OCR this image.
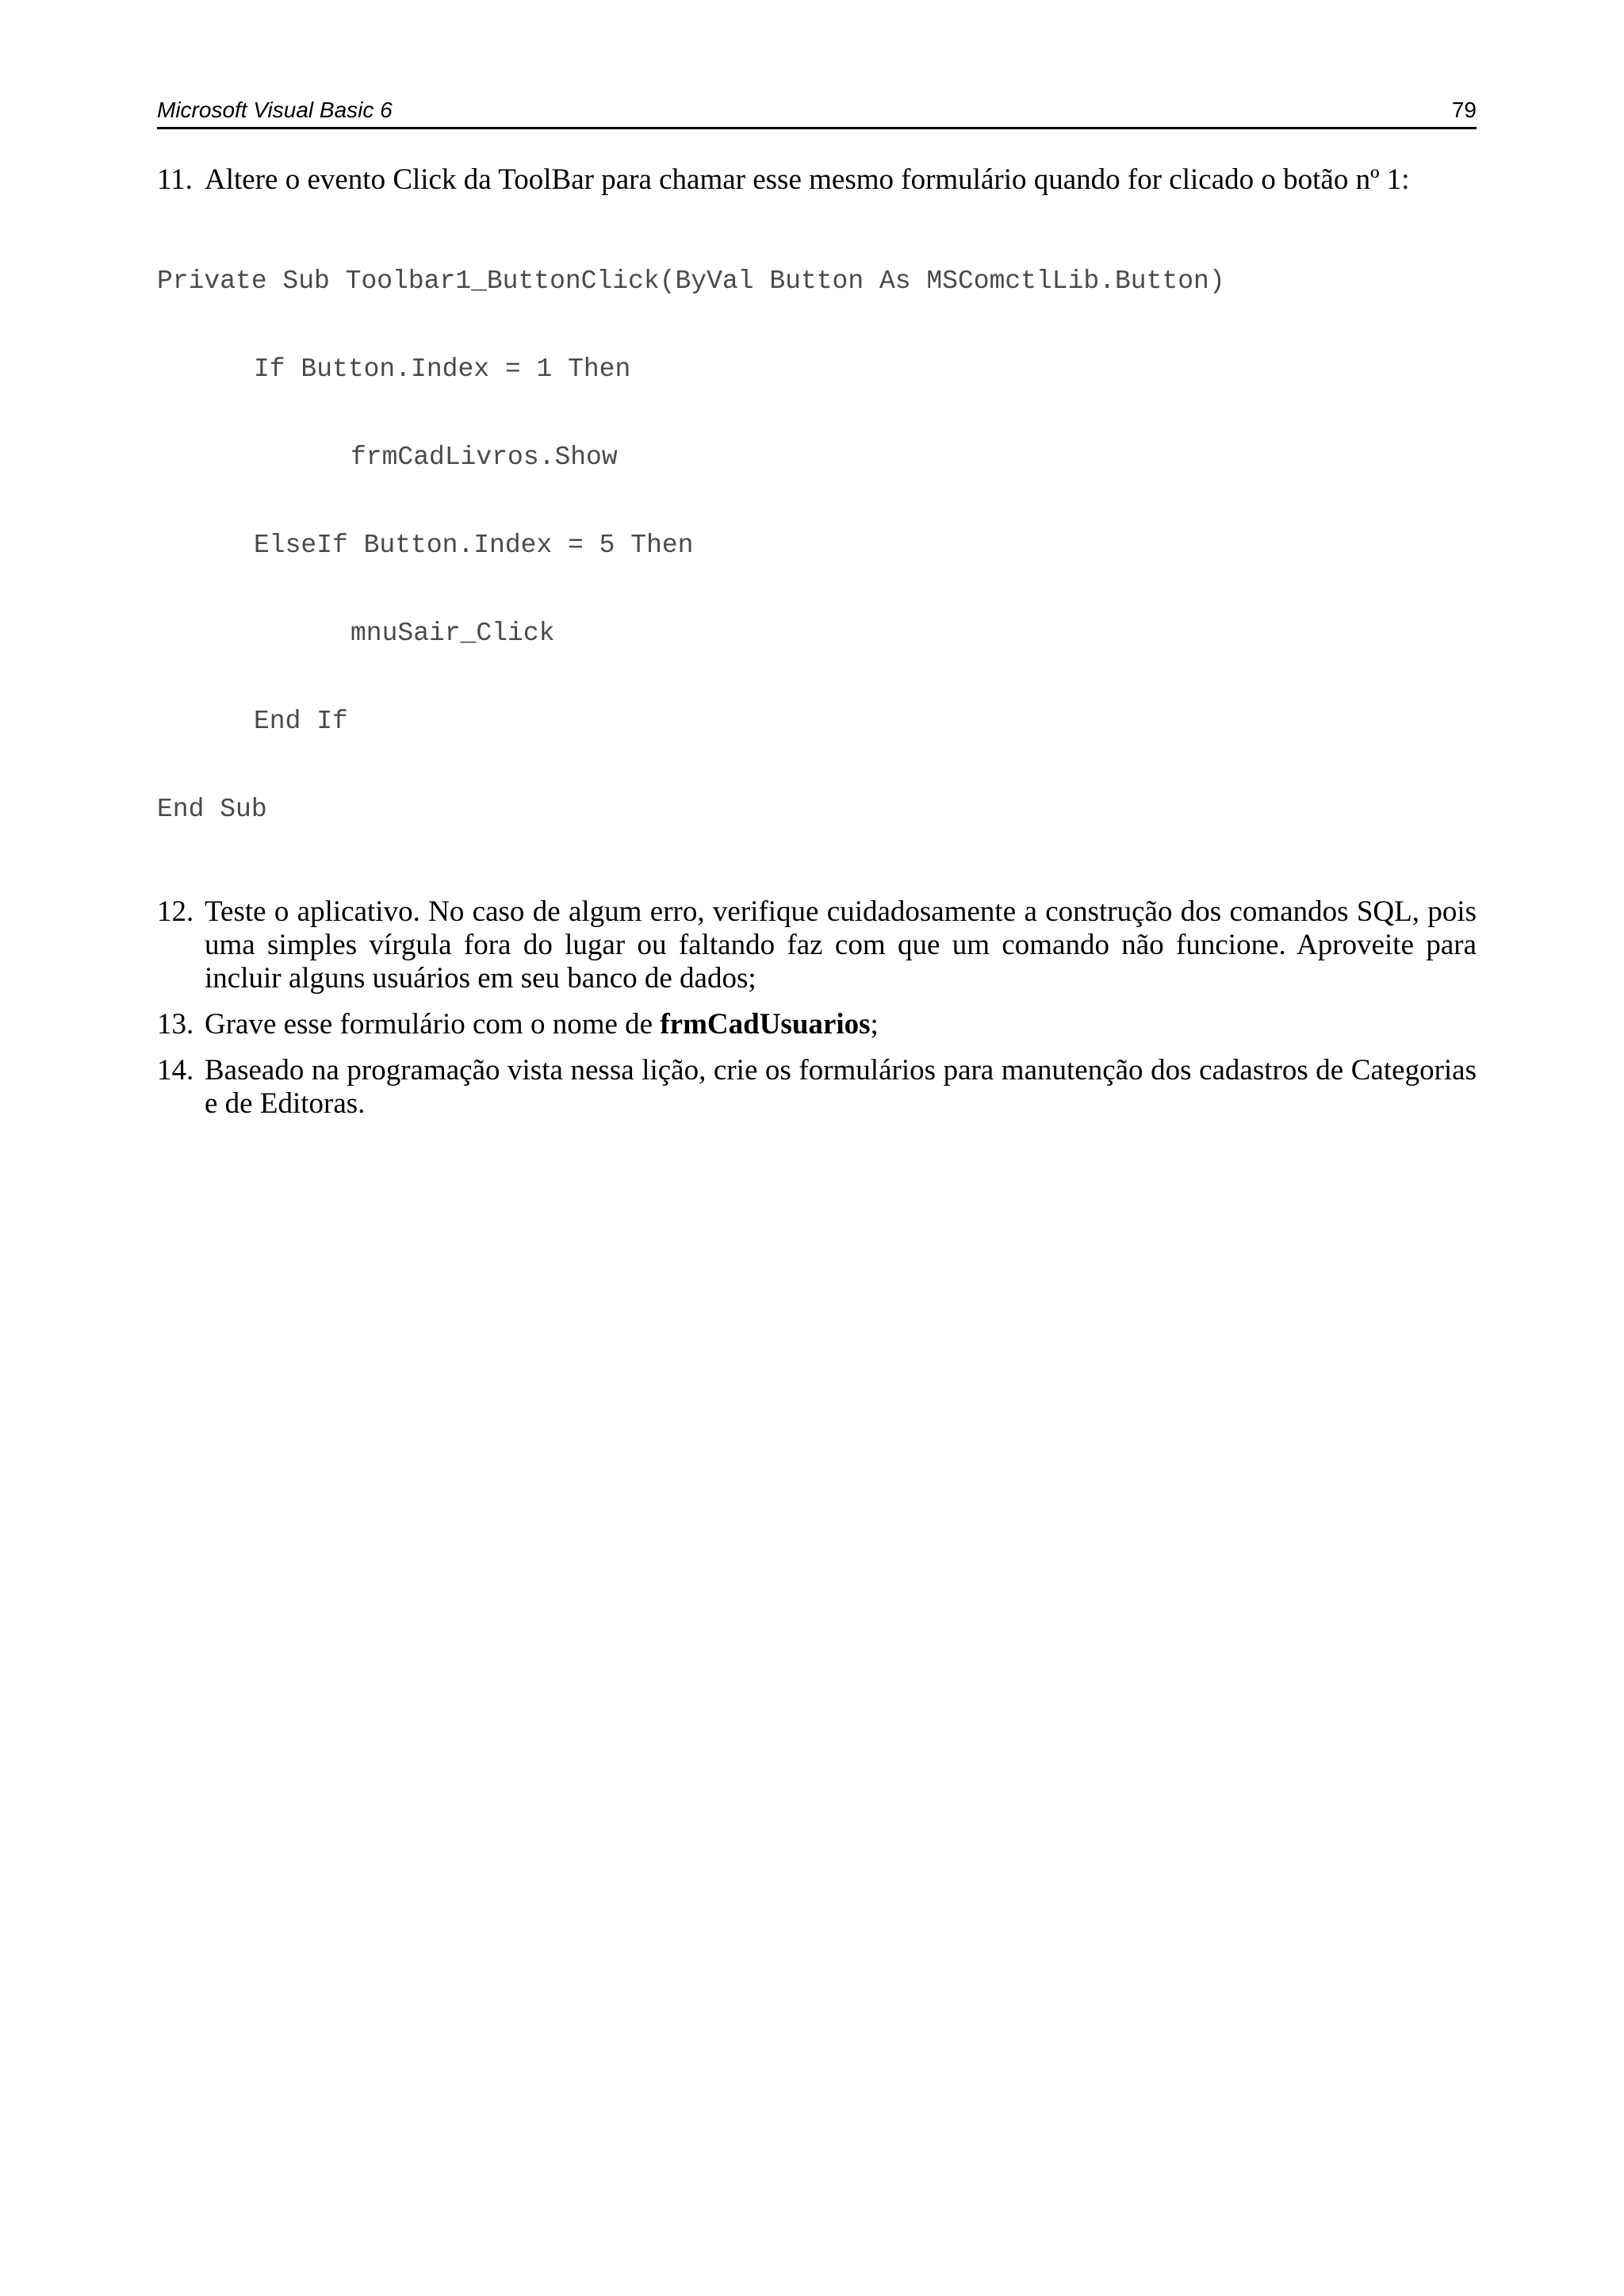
Microsoft Visual Basic 6	79
11. Altere o evento Click da ToolBar para chamar esse mesmo formulário quando for clicado o botão nº 1:

Private Sub Toolbar1_ButtonClick(ByVal Button As MSComctlLib.Button)

If Button.Index = 1 Then

frmCadLivros.Show

ElseIf Button.Index = 5 Then

mnuSair_Click

End If

End Sub

12. Teste o aplicativo. No caso de algum erro, verifique cuidadosamente a construção dos comandos SQL, pois uma simples vírgula fora do lugar ou faltando faz com que um comando não funcione. Aproveite para incluir alguns usuários em seu banco de dados;
13. Grave esse formulário com o nome de frmCadUsuarios;
14. Baseado na programação vista nessa lição, crie os formulários para manutenção dos cadastros de Categorias e de Editoras.
